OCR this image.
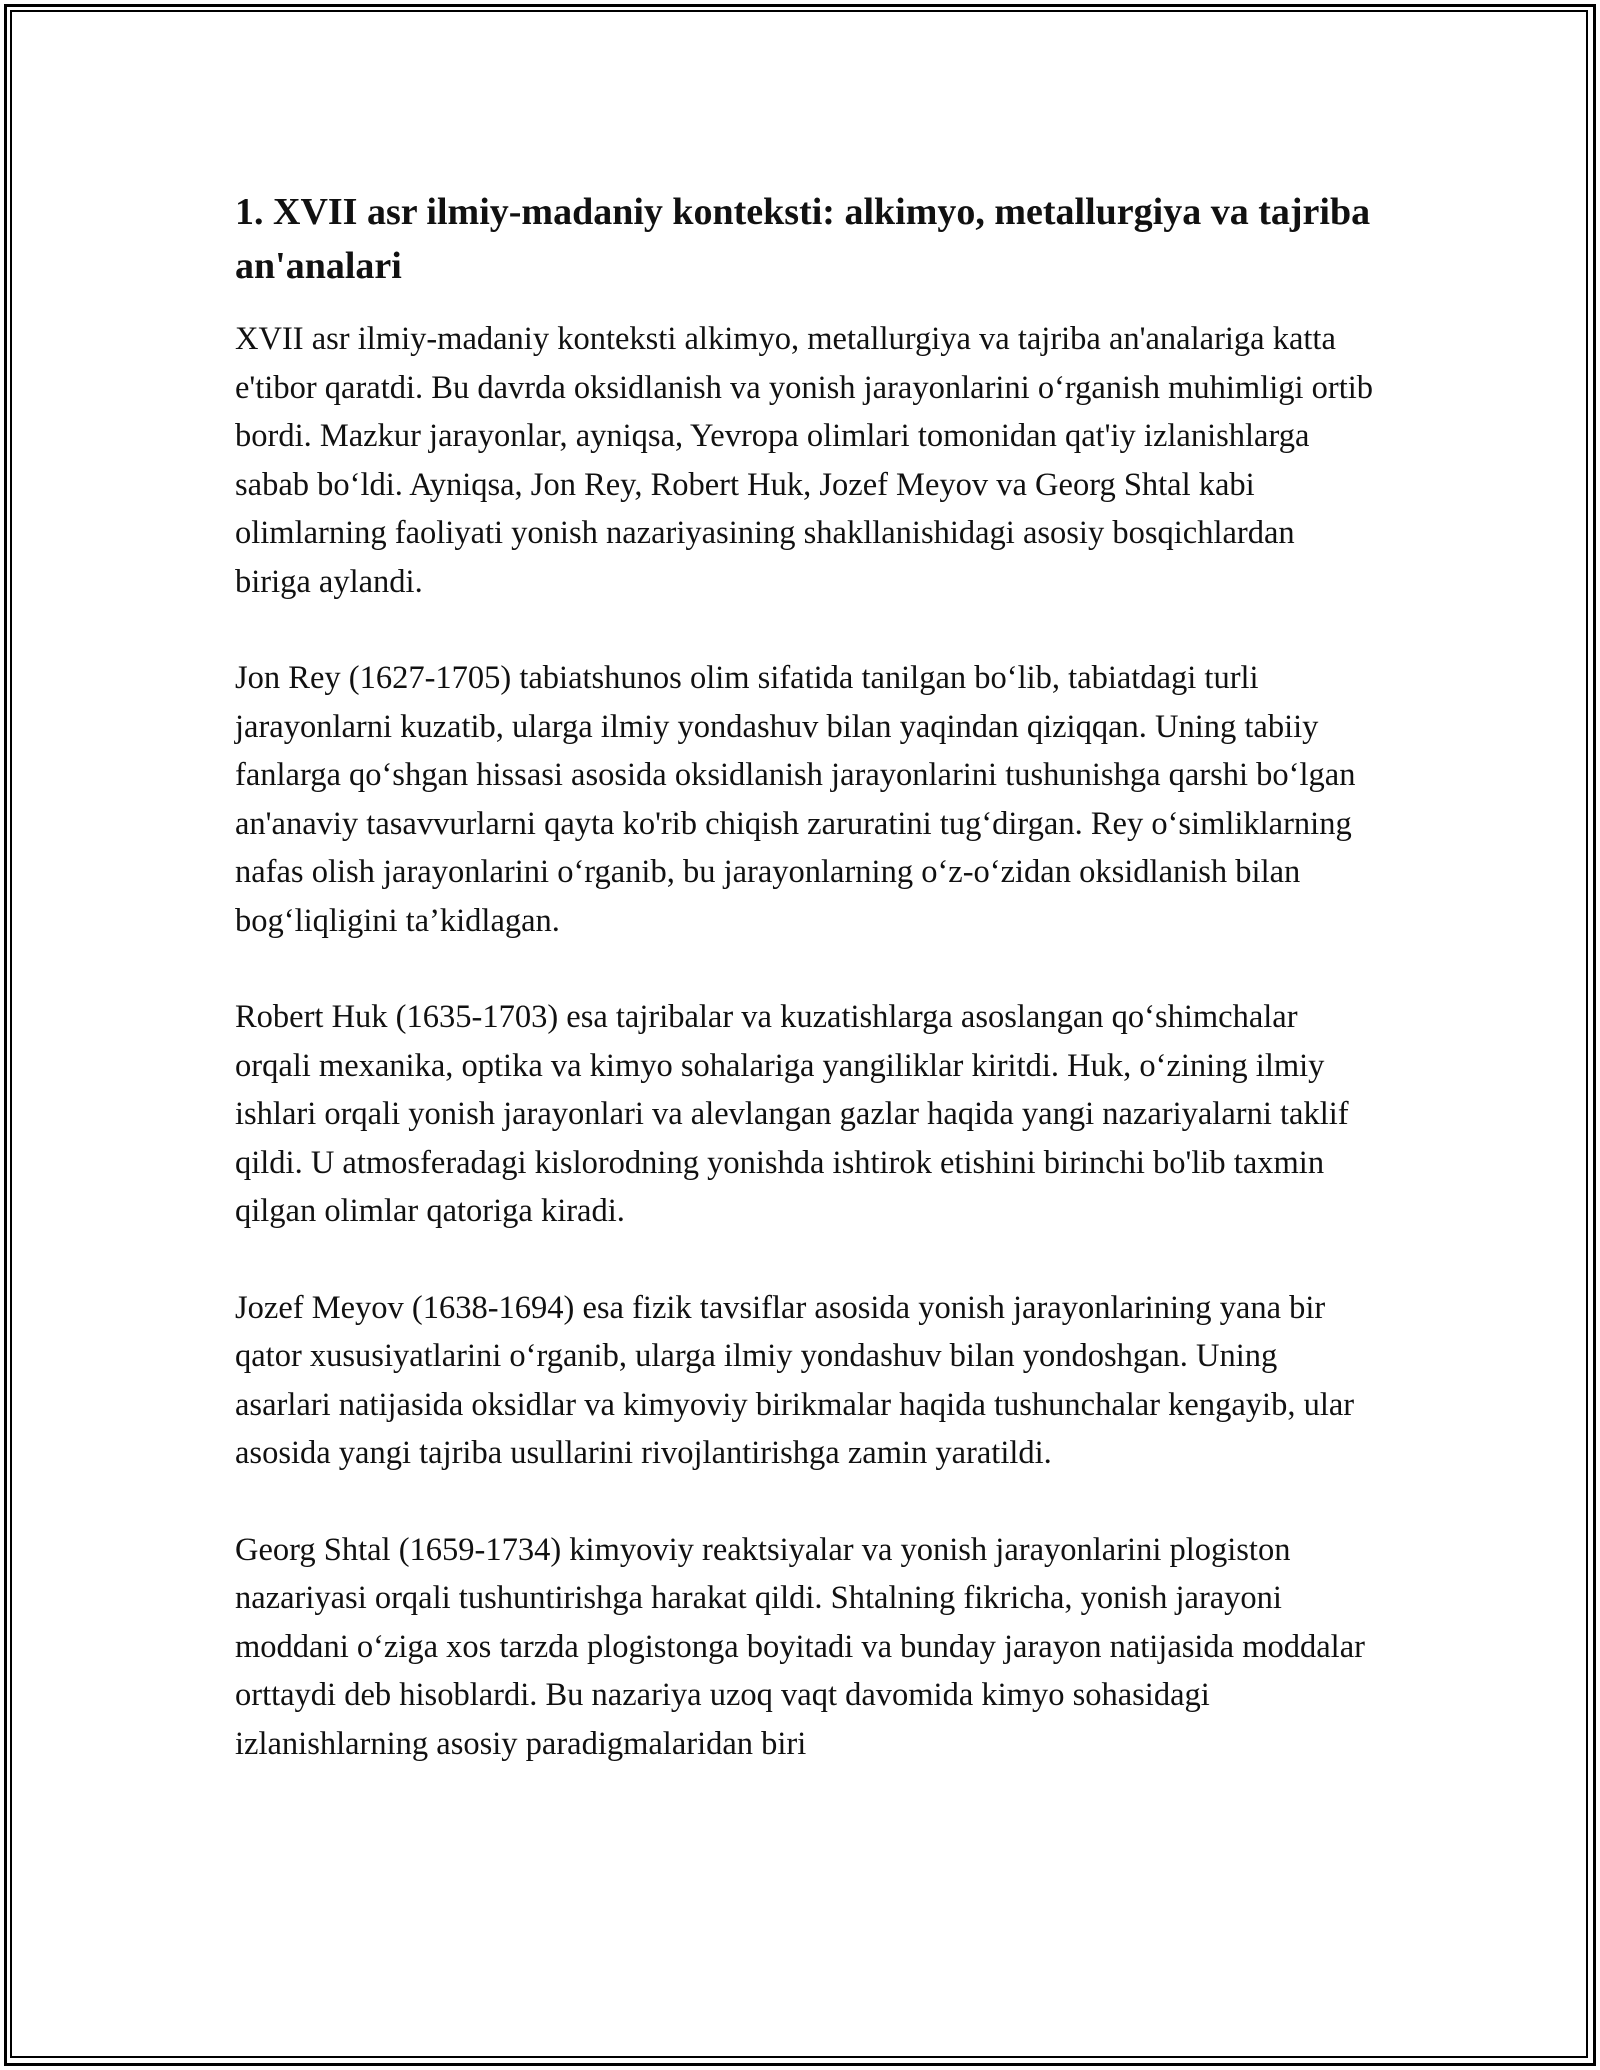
1. XVII asr ilmiy-madaniy konteksti: alkimyo, metallurgiya va tajriba an'analari

XVII asr ilmiy-madaniy konteksti alkimyo, metallurgiya va tajriba an'analariga katta e'tibor qaratdi. Bu davrda oksidlanish va yonish jarayonlarini o‘rganish muhimligi ortib bordi. Mazkur jarayonlar, ayniqsa, Yevropa olimlari tomonidan qat'iy izlanishlarga sabab bo‘ldi. Ayniqsa, Jon Rey, Robert Huk, Jozef Meyov va Georg Shtal kabi olimlarning faoliyati yonish nazariyasining shakllanishidagi asosiy bosqichlardan biriga aylandi.

Jon Rey (1627-1705) tabiatshunos olim sifatida tanilgan bo‘lib, tabiatdagi turli jarayonlarni kuzatib, ularga ilmiy yondashuv bilan yaqindan qiziqqan. Uning tabiiy fanlarga qo‘shgan hissasi asosida oksidlanish jarayonlarini tushunishga qarshi bo‘lgan an'anaviy tasavvurlarni qayta ko'rib chiqish zaruratini tug‘dirgan. Rey o‘simliklarning nafas olish jarayonlarini o‘rganib, bu jarayonlarning o‘z-o‘zidan oksidlanish bilan bog‘liqligini ta’kidlagan.

Robert Huk (1635-1703) esa tajribalar va kuzatishlarga asoslangan qo‘shimchalar orqali mexanika, optika va kimyo sohalariga yangiliklar kiritdi. Huk, o‘zining ilmiy ishlari orqali yonish jarayonlari va alevlangan gazlar haqida yangi nazariyalarni taklif qildi. U atmosferadagi kislorodning yonishda ishtirok etishini birinchi bo'lib taxmin qilgan olimlar qatoriga kiradi.

Jozef Meyov (1638-1694) esa fizik tavsiflar asosida yonish jarayonlarining yana bir qator xususiyatlarini o‘rganib, ularga ilmiy yondashuv bilan yondoshgan. Uning asarlari natijasida oksidlar va kimyoviy birikmalar haqida tushunchalar kengayib, ular asosida yangi tajriba usullarini rivojlantirishga zamin yaratildi.

Georg Shtal (1659-1734) kimyoviy reaktsiyalar va yonish jarayonlarini plogiston nazariyasi orqali tushuntirishga harakat qildi. Shtalning fikricha, yonish jarayoni moddani o‘ziga xos tarzda plogistonga boyitadi va bunday jarayon natijasida moddalar orttaydi deb hisoblardi. Bu nazariya uzoq vaqt davomida kimyo sohasidagi izlanishlarning asosiy paradigmalaridan biri
